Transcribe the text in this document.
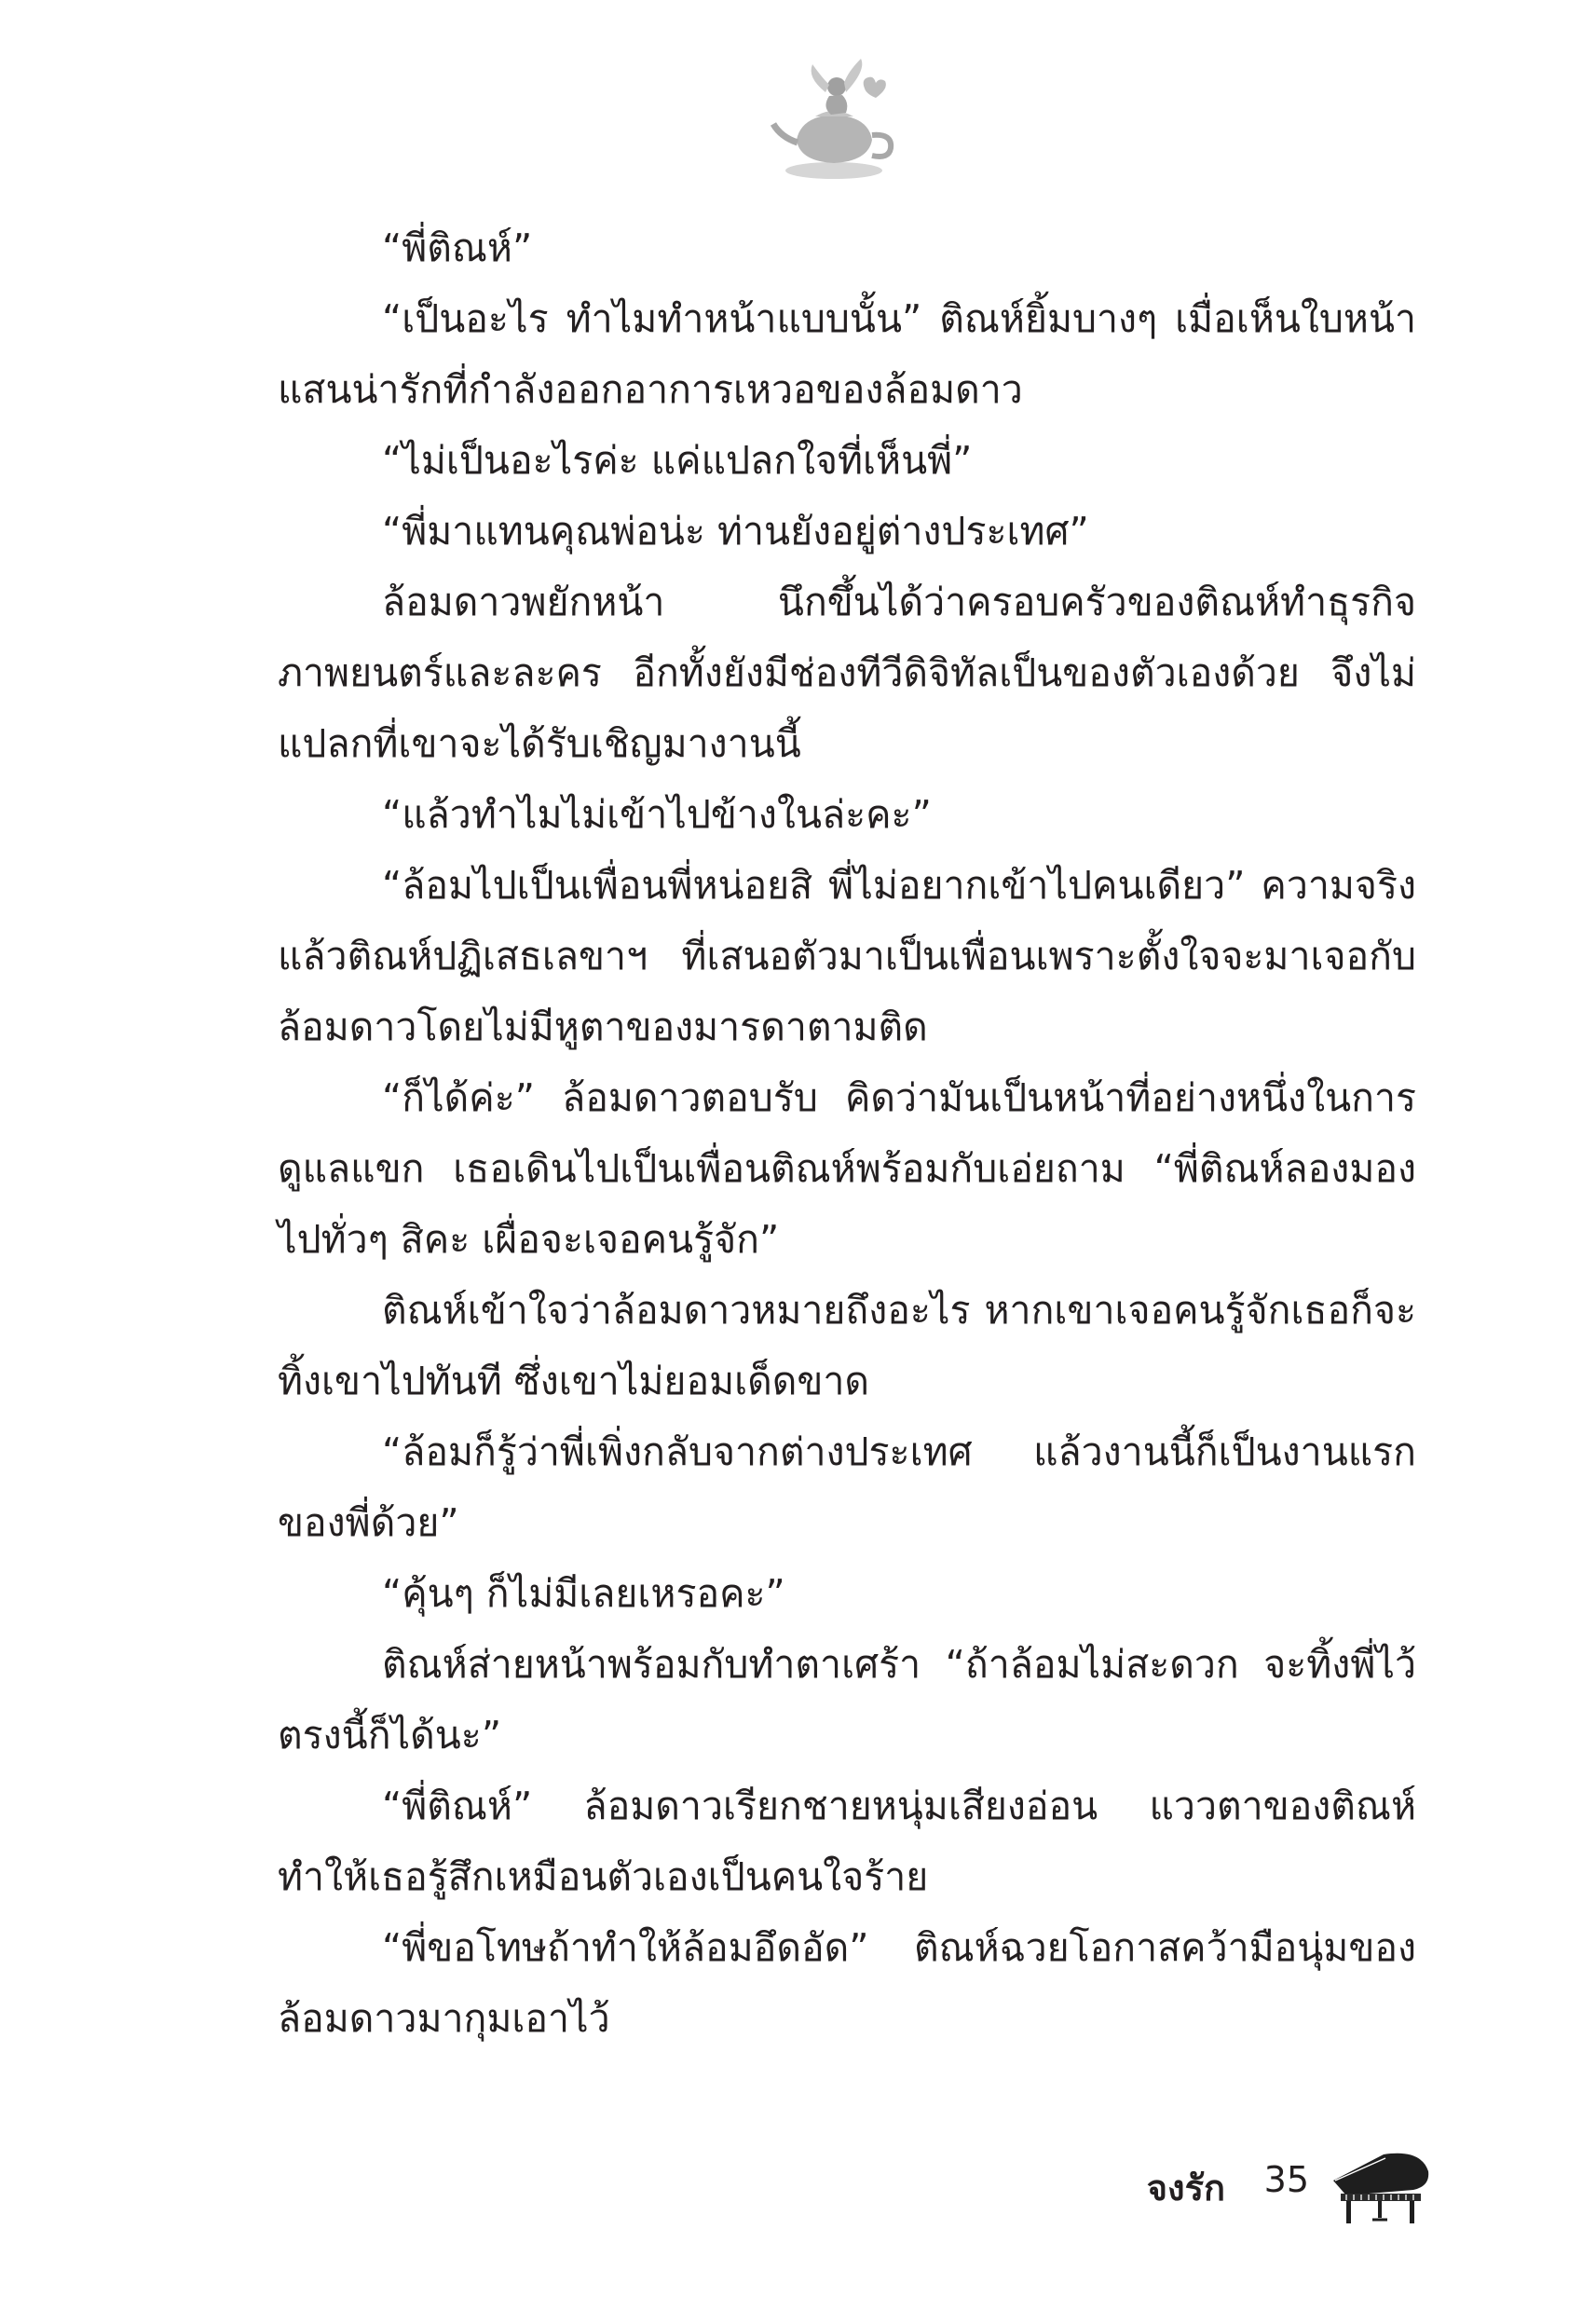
“พี่ติณห์”

“เป็นอะไร ทำไมทำหน้าแบบนั้น” ติณห์ยิ้มบางๆ เมื่อเห็นใบหน้าแสนน่ารักที่กำลังออกอาการเหวอของล้อมดาว

“ไม่เป็นอะไรค่ะ แค่แปลกใจที่เห็นพี่”

“พี่มาแทนคุณพ่อน่ะ ท่านยังอยู่ต่างประเทศ”

ล้อมดาวพยักหน้า นึกขึ้นได้ว่าครอบครัวของติณห์ทำธุรกิจภาพยนตร์และละคร อีกทั้งยังมีช่องทีวีดิจิทัลเป็นของตัวเองด้วย จึงไม่แปลกที่เขาจะได้รับเชิญมางานนี้

“แล้วทำไมไม่เข้าไปข้างในล่ะคะ”

“ล้อมไปเป็นเพื่อนพี่หน่อยสิ พี่ไม่อยากเข้าไปคนเดียว” ความจริงแล้วติณห์ปฏิเสธเลขาฯ ที่เสนอตัวมาเป็นเพื่อนเพราะตั้งใจจะมาเจอกับล้อมดาวโดยไม่มีหูตาของมารดาตามติด

“ก็ได้ค่ะ” ล้อมดาวตอบรับ คิดว่ามันเป็นหน้าที่อย่างหนึ่งในการดูแลแขก เธอเดินไปเป็นเพื่อนติณห์พร้อมกับเอ่ยถาม “พี่ติณห์ลองมองไปทั่วๆ สิคะ เผื่อจะเจอคนรู้จัก”

ติณห์เข้าใจว่าล้อมดาวหมายถึงอะไร หากเขาเจอคนรู้จักเธอก็จะทิ้งเขาไปทันที ซึ่งเขาไม่ยอมเด็ดขาด

“ล้อมก็รู้ว่าพี่เพิ่งกลับจากต่างประเทศ แล้วงานนี้ก็เป็นงานแรกของพี่ด้วย”

“คุ้นๆ ก็ไม่มีเลยเหรอคะ”

ติณห์ส่ายหน้าพร้อมกับทำตาเศร้า “ถ้าล้อมไม่สะดวก จะทิ้งพี่ไว้ตรงนี้ก็ได้นะ”

“พี่ติณห์” ล้อมดาวเรียกชายหนุ่มเสียงอ่อน แววตาของติณห์ทำให้เธอรู้สึกเหมือนตัวเองเป็นคนใจร้าย

“พี่ขอโทษถ้าทำให้ล้อมอึดอัด” ติณห์ฉวยโอกาสคว้ามือนุ่มของล้อมดาวมากุมเอาไว้

จงรัก 35
